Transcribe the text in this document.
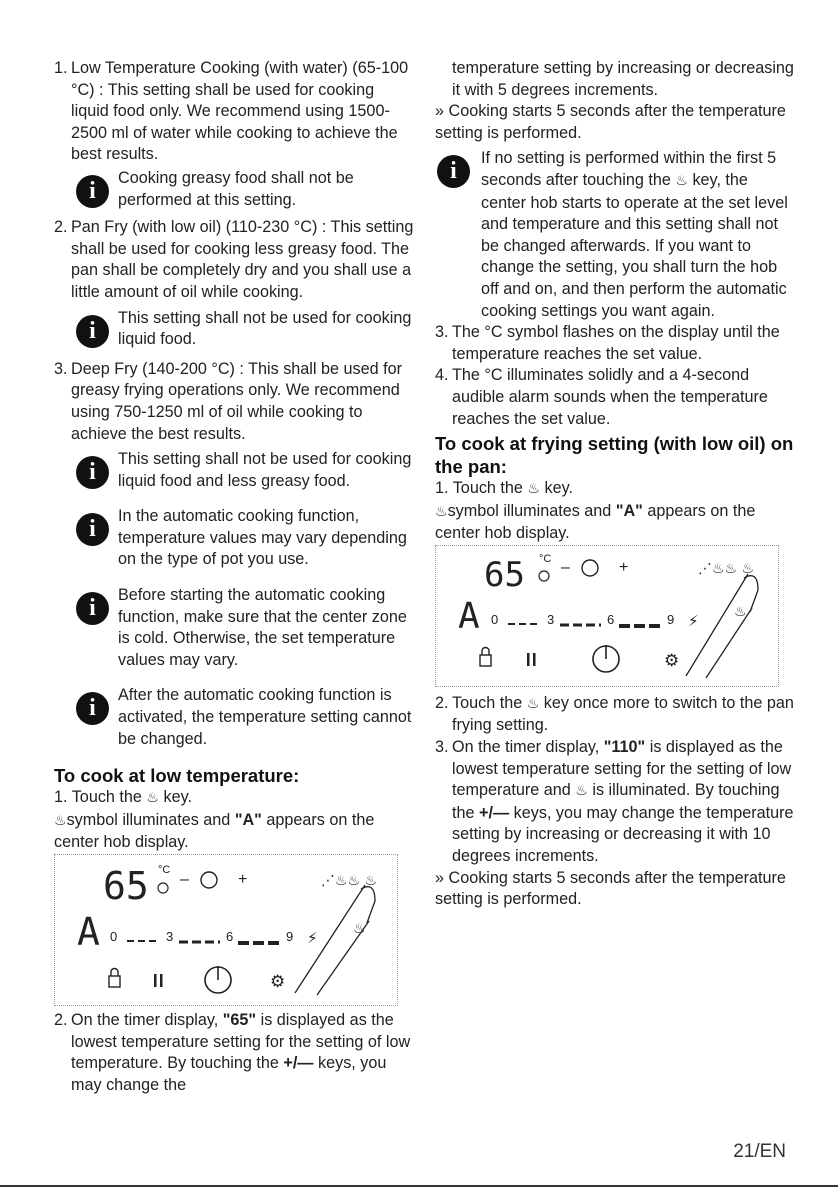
1. Low Temperature Cooking (with water) (65-100 °C) : This setting shall be used for cooking liquid food only. We recommend using 1500-2500 ml of water while cooking to achieve the best results.
i	Cooking greasy food shall not be performed at this setting.

2. Pan Fry (with low oil) (110-230 °C) : This setting shall be used for cooking less greasy food. The pan shall be completely dry and you shall use a little amount of oil while cooking.
i	This setting shall not be used for cooking liquid food.

3. Deep Fry (140-200 °C) : This shall be used for greasy frying operations only. We recommend using 750-1250 ml of oil while cooking to achieve the best results.
i	This setting shall not be used for cooking liquid food and less greasy food.

i	In the automatic cooking function, temperature values may vary depending on the type of pot you use.

i	Before starting the automatic cooking function, make sure that the center zone is cold. Otherwise, the set temperature values may vary.

i	After the automatic cooking function is activated, the temperature setting cannot be changed.

To cook at low temperature:
1. Touch the ♨ key.
♨symbol illuminates and "A" appears on the center hob display.
65 °C
–	+	⋰♨♨ ♨
A 0	3	6	9 ⚡	♨
⚙
2. On the timer display, "65" is displayed as the lowest temperature setting for the setting of low temperature. By touching the +/— keys, you may change the
temperature setting by increasing or decreasing it with 5 degrees increments.
» Cooking starts 5 seconds after the temperature setting is performed.
i	If no setting is performed within the first 5 seconds after touching the ♨ key, the center hob starts to operate at the set level and temperature and this setting shall not be changed afterwards. If you want to change the setting, you shall turn the hob off and on, and then perform the automatic cooking settings you want again.

3. The °C symbol flashes on the display until the temperature reaches the set value.
4. The °C illuminates solidly and a 4-second audible alarm sounds when the temperature reaches the set value.
To cook at frying setting (with low oil) on the pan:
1. Touch the ♨ key.
♨symbol illuminates and "A" appears on the center hob display.
65 °C –	+	⋰♨♨ ♨
A 0	3	6	9 ⚡	♨
⚙
2. Touch the ♨ key once more to switch to the pan frying setting.
3. On the timer display, "110" is displayed as the lowest temperature setting for the setting of low temperature and ♨ is illuminated. By touching the +/— keys, you may change the temperature setting by increasing or decreasing it with 10 degrees increments.
» Cooking starts 5 seconds after the temperature setting is performed.
21/EN
